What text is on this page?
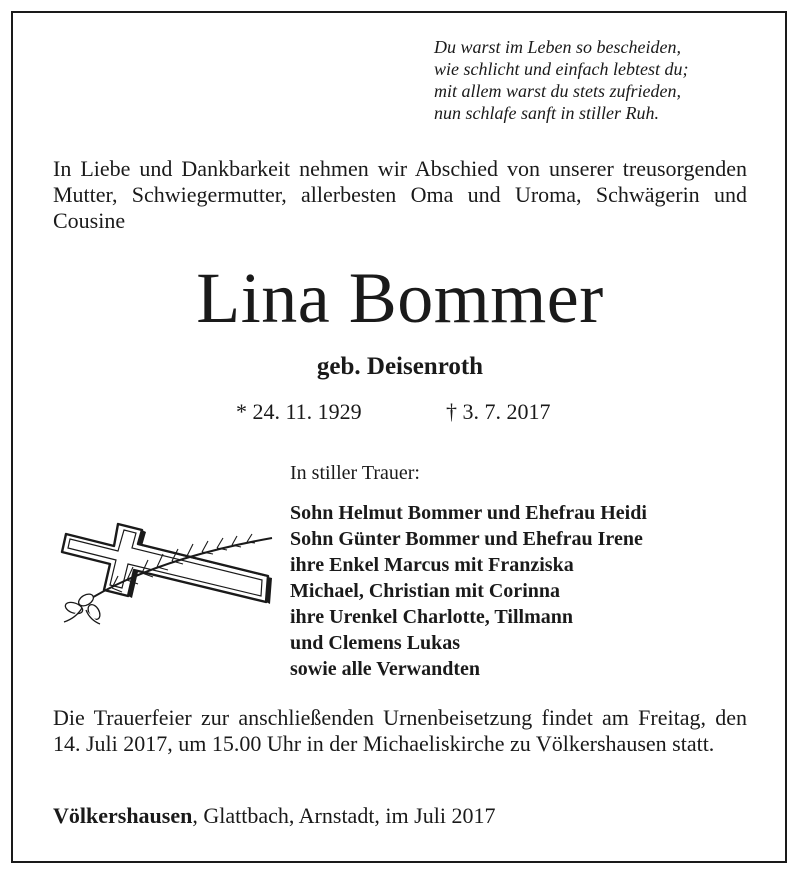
Du warst im Leben so bescheiden,
wie schlicht und einfach lebtest du;
mit allem warst du stets zufrieden,
nun schlafe sanft in stiller Ruh.
In Liebe und Dankbarkeit nehmen wir Abschied von unserer treusorgenden Mutter, Schwiegermutter, allerbesten Oma und Uroma, Schwägerin und Cousine
Lina Bommer
geb. Deisenroth
* 24. 11. 1929	† 3. 7. 2017
In stiller Trauer:
Sohn Helmut Bommer und Ehefrau Heidi
Sohn Günter Bommer und Ehefrau Irene
ihre Enkel Marcus mit Franziska
Michael, Christian mit Corinna
ihre Urenkel Charlotte, Tillmann
und Clemens Lukas
sowie alle Verwandten
Die Trauerfeier zur anschließenden Urnenbeisetzung findet am Freitag, den 14. Juli 2017, um 15.00 Uhr in der Michaeliskirche zu Völkershausen statt.
Völkershausen, Glattbach, Arnstadt, im Juli 2017
